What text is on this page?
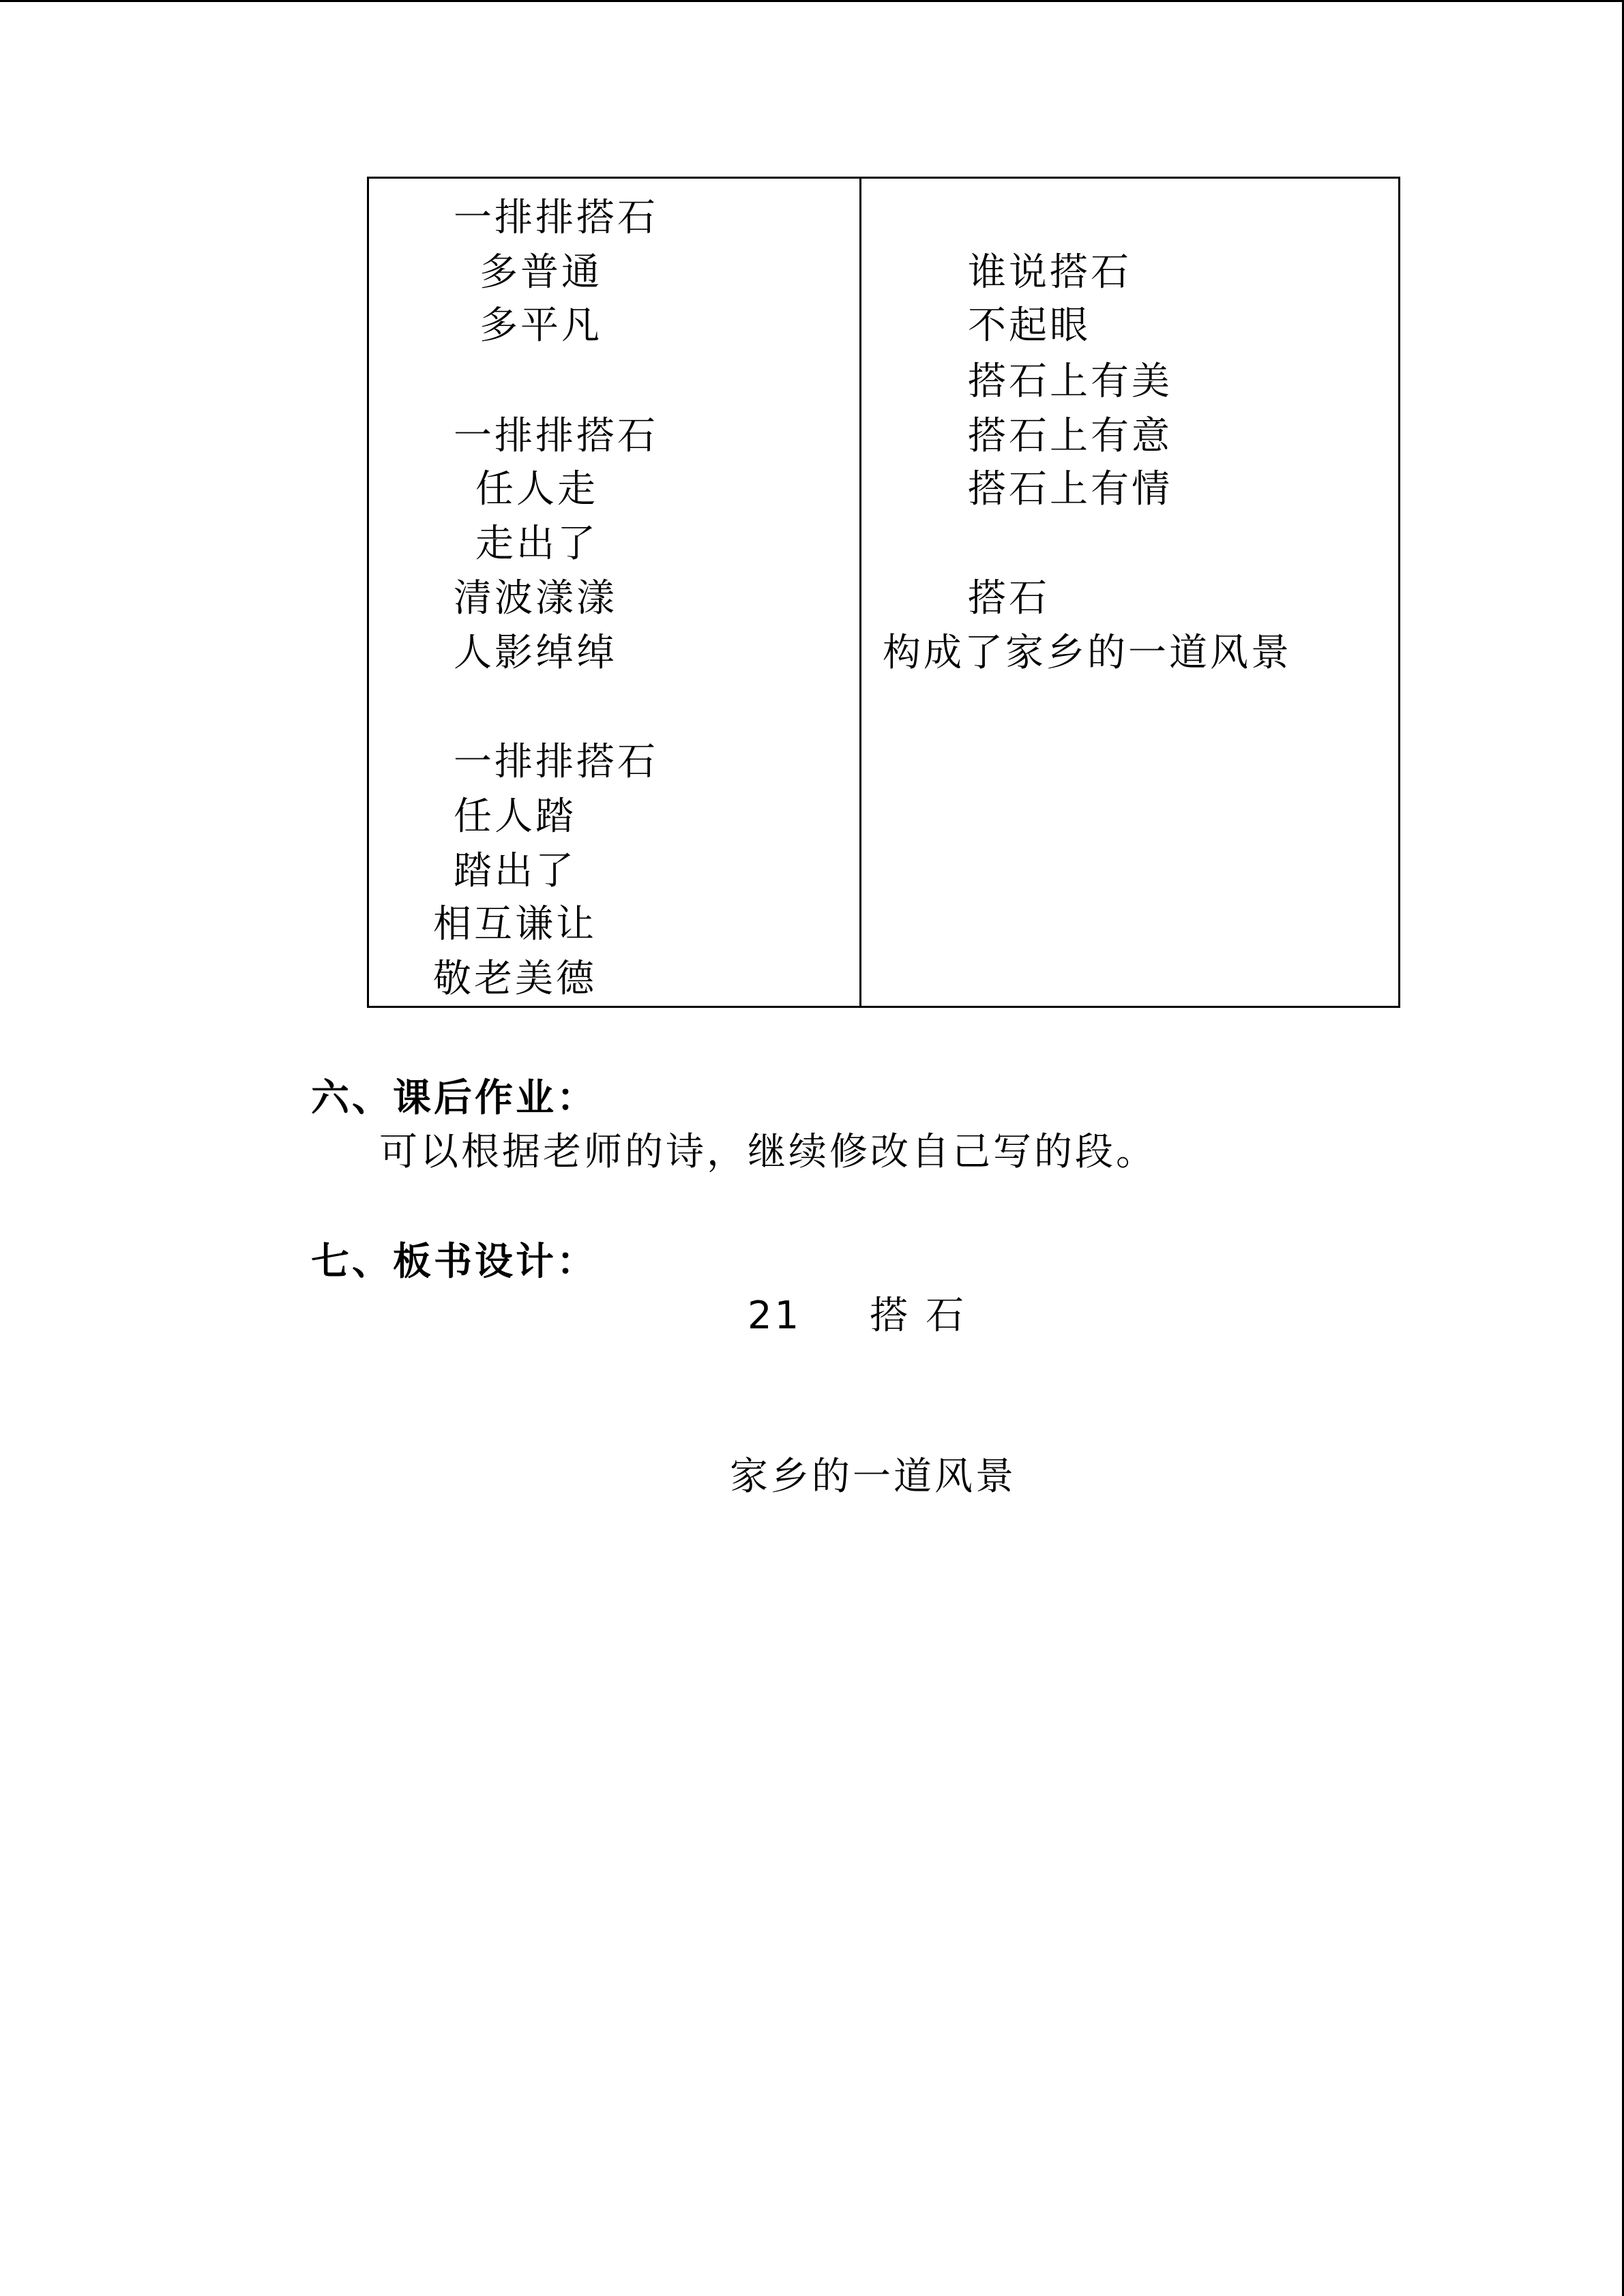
一排排搭石
多普通
多平凡
一排排搭石
任人走
走出了
清波漾漾
人影绰绰
一排排搭石
任人踏
踏出了
相互谦让
敬老美德
谁说搭石
不起眼
搭石上有美
搭石上有意
搭石上有情
搭石
构成了家乡的一道风景
六、课后作业：
可以根据老师的诗，继续修改自己写的段。
七、板书设计：
21 搭 石
家乡的一道风景
